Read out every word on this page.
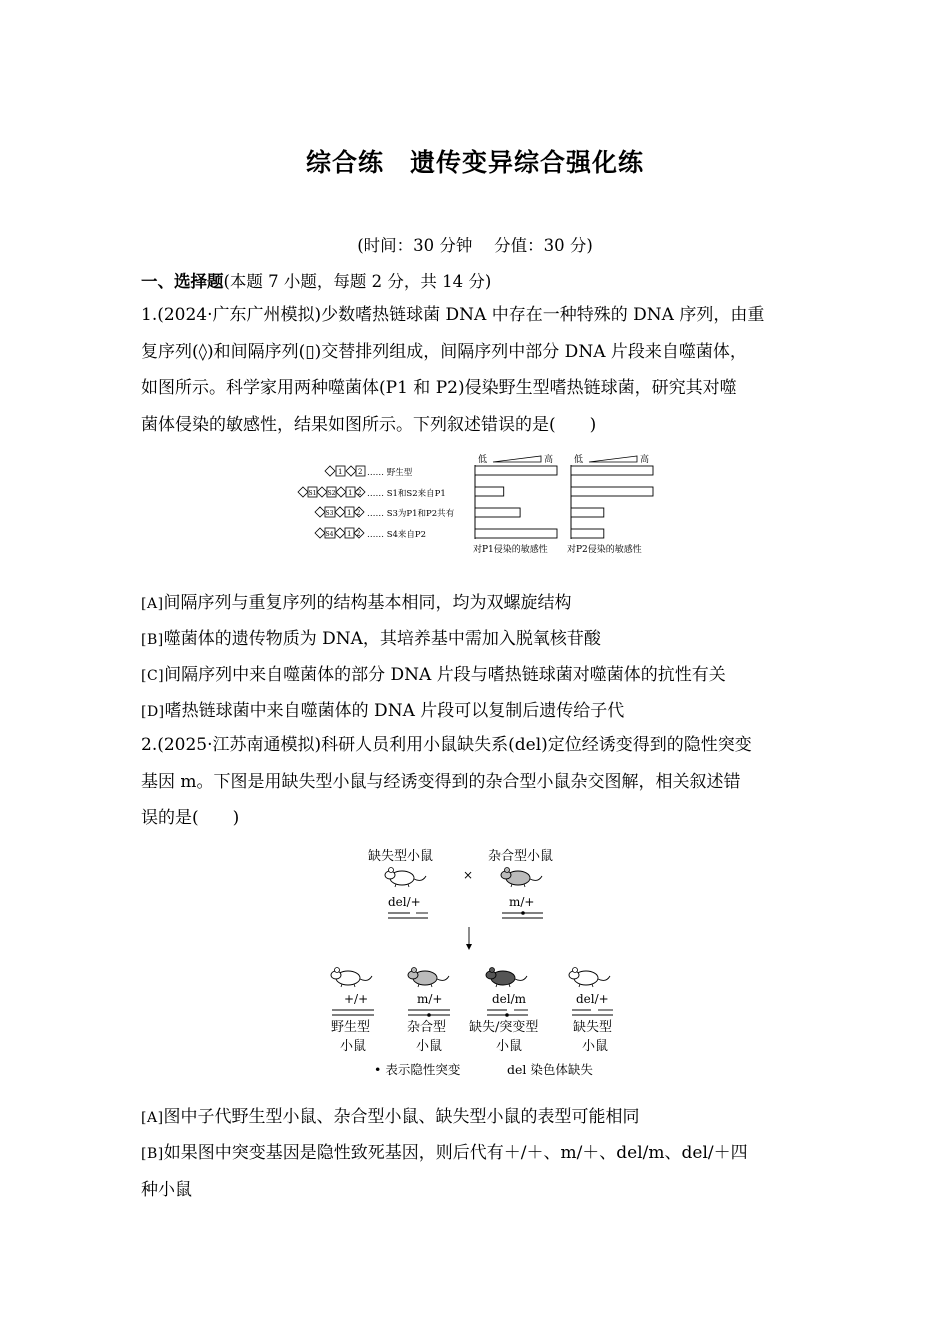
综合练　遗传变异综合强化练
(时间：30 分钟　 分值：30 分)
一、选择题(本题 7 小题，每题 2 分，共 14 分)
1.(2024·广东广州模拟)少数嗜热链球菌 DNA 中存在一种特殊的 DNA 序列，由重
复序列(◊)和间隔序列(▯)交替排列组成，间隔序列中部分 DNA 片段来自噬菌体，
如图所示。科学家用两种噬菌体(P1 和 P2)侵染野生型嗜热链球菌，研究其对噬
菌体侵染的敏感性，结果如图所示。下列叙述错误的是(　　)
低	高 低	高
1 2 …… 野生型
S1 S2 1 2 …… S1和S2来自P1
S3 1 2 …… S3为P1和P2共有
S4 1 2 …… S4来自P2
对P1侵染的敏感性 对P2侵染的敏感性
[A]间隔序列与重复序列的结构基本相同，均为双螺旋结构
[B]噬菌体的遗传物质为 DNA，其培养基中需加入脱氧核苷酸
[C]间隔序列中来自噬菌体的部分 DNA 片段与嗜热链球菌对噬菌体的抗性有关
[D]嗜热链球菌中来自噬菌体的 DNA 片段可以复制后遗传给子代
2.(2025·江苏南通模拟)科研人员利用小鼠缺失系(del)定位经诱变得到的隐性突变
基因 m。下图是用缺失型小鼠与经诱变得到的杂合型小鼠杂交图解，相关叙述错
误的是(　　)
缺失型小鼠	杂合型小鼠
×
del/+	m/+
+/+	m/+	del/m	del/+
野生型
小鼠
杂合型
小鼠
缺失/突变型
小鼠
缺失型
小鼠
• 表示隐性突变	del 染色体缺失
[A]图中子代野生型小鼠、杂合型小鼠、缺失型小鼠的表型可能相同
[B]如果图中突变基因是隐性致死基因，则后代有＋/＋、m/＋、del/m、del/＋四
种小鼠
